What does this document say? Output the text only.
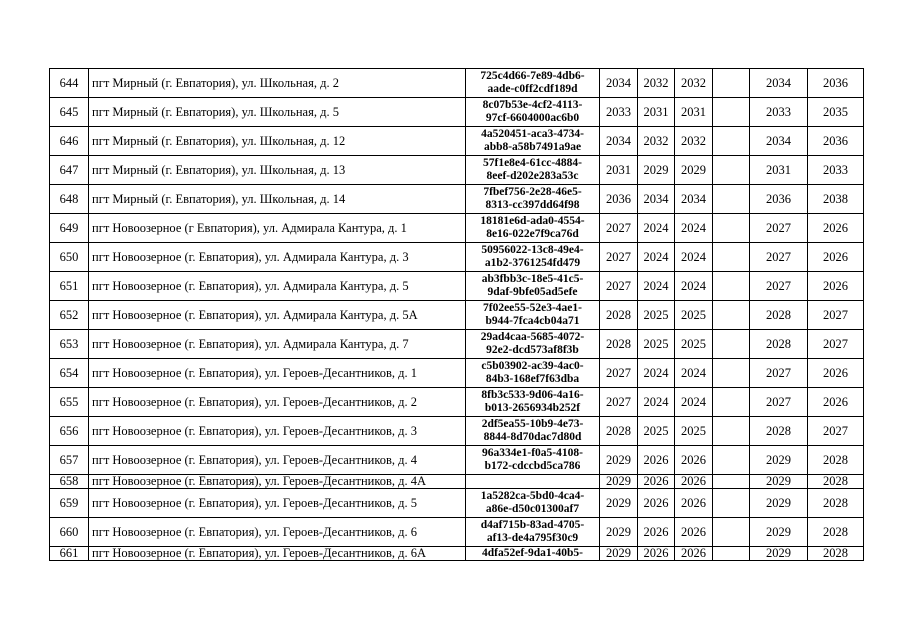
644	пгт Мирный (г. Евпатория), ул. Школьная, д. 2	725c4d66-7e89-4db6-
aade-c0ff2cdf189d	2034	2032	2032		2034	2036
645	пгт Мирный (г. Евпатория), ул. Школьная, д. 5	8c07b53e-4cf2-4113-
97cf-6604000ac6b0	2033	2031	2031		2033	2035
646	пгт Мирный (г. Евпатория), ул. Школьная, д. 12	4a520451-aca3-4734-
abb8-a58b7491a9ae	2034	2032	2032		2034	2036
647	пгт Мирный (г. Евпатория), ул. Школьная, д. 13	57f1e8e4-61cc-4884-
8eef-d202e283a53c	2031	2029	2029		2031	2033
648	пгт Мирный (г. Евпатория), ул. Школьная, д. 14	7fbef756-2e28-46e5-
8313-cc397dd64f98	2036	2034	2034		2036	2038
649	пгт Новоозерное (г Евпатория), ул. Адмирала Кантура, д. 1	18181e6d-ada0-4554-
8e16-022e7f9ca76d	2027	2024	2024		2027	2026
650	пгт Новоозерное (г. Евпатория), ул. Адмирала Кантура, д. 3	50956022-13c8-49e4-
a1b2-3761254fd479	2027	2024	2024		2027	2026
651	пгт Новоозерное (г. Евпатория), ул. Адмирала Кантура, д. 5	ab3fbb3c-18e5-41c5-
9daf-9bfe05ad5efe	2027	2024	2024		2027	2026
652	пгт Новоозерное (г. Евпатория), ул. Адмирала Кантура, д. 5А	7f02ee55-52e3-4ae1-
b944-7fca4cb04a71	2028	2025	2025		2028	2027
653	пгт Новоозерное (г. Евпатория), ул. Адмирала Кантура, д. 7	29ad4caa-5685-4072-
92e2-dcd573af8f3b	2028	2025	2025		2028	2027
654	пгт Новоозерное (г. Евпатория), ул. Героев-Десантников, д. 1	c5b03902-ac39-4ac0-
84b3-168ef7f63dba	2027	2024	2024		2027	2026
655	пгт Новоозерное (г. Евпатория), ул. Героев-Десантников, д. 2	8fb3c533-9d06-4a16-
b013-2656934b252f	2027	2024	2024		2027	2026
656	пгт Новоозерное (г. Евпатория), ул. Героев-Десантников, д. 3	2df5ea55-10b9-4e73-
8844-8d70dac7d80d	2028	2025	2025		2028	2027
657	пгт Новоозерное (г. Евпатория), ул. Героев-Десантников, д. 4	96a334e1-f0a5-4108-
b172-cdccbd5ca786	2029	2026	2026		2029	2028
658	пгт Новоозерное (г. Евпатория), ул. Героев-Десантников, д. 4А		2029	2026	2026		2029	2028
659	пгт Новоозерное (г. Евпатория), ул. Героев-Десантников, д. 5	1a5282ca-5bd0-4ca4-
a86e-d50c01300af7	2029	2026	2026		2029	2028
660	пгт Новоозерное (г. Евпатория), ул. Героев-Десантников, д. 6	d4af715b-83ad-4705-
af13-de4a795f30c9	2029	2026	2026		2029	2028
661	пгт Новоозерное (г. Евпатория), ул. Героев-Десантников, д. 6А	4dfa52ef-9da1-40b5-	2029	2026	2026		2029	2028
